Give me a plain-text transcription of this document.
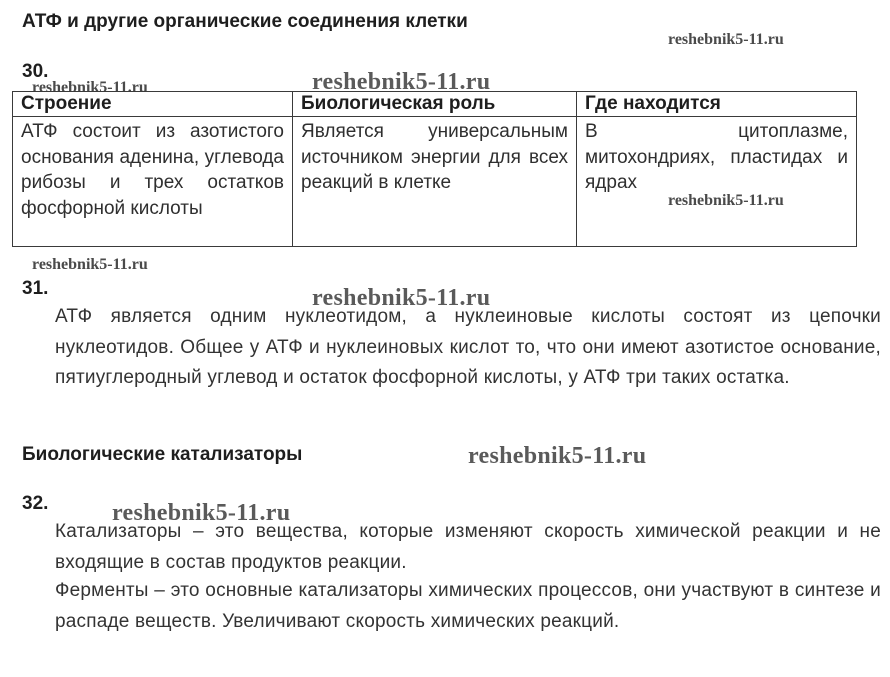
АТФ и другие органические соединения клетки
reshebnik5-11.ru
30.
reshebnik5-11.ru	reshebnik5-11.ru
Строение	Биологическая роль	Где находится
АТФ состоит из азотистого основания аденина, углевода рибозы и трех остатков фосфорной кислоты	Является универсальным источником энергии для всех реакций в клетке	В цитоплазме, митохондриях, пластидах и ядрах
reshebnik5-11.ru
reshebnik5-11.ru
31.	reshebnik5-11.ru
АТФ является одним нуклеотидом, а нуклеиновые кислоты состоят из цепочки нуклеотидов. Общее у АТФ и нуклеиновых кислот то, что они имеют азотистое основание, пятиуглеродный углевод и остаток фосфорной кислоты, у АТФ три таких остатка.
Биологические катализаторы	reshebnik5-11.ru
32.	reshebnik5-11.ru
Катализаторы – это вещества, которые изменяют скорость химической реакции и не входящие в состав продуктов реакции.
Ферменты – это основные катализаторы химических процессов, они участвуют в синтезе и распаде веществ. Увеличивают скорость химических реакций.
